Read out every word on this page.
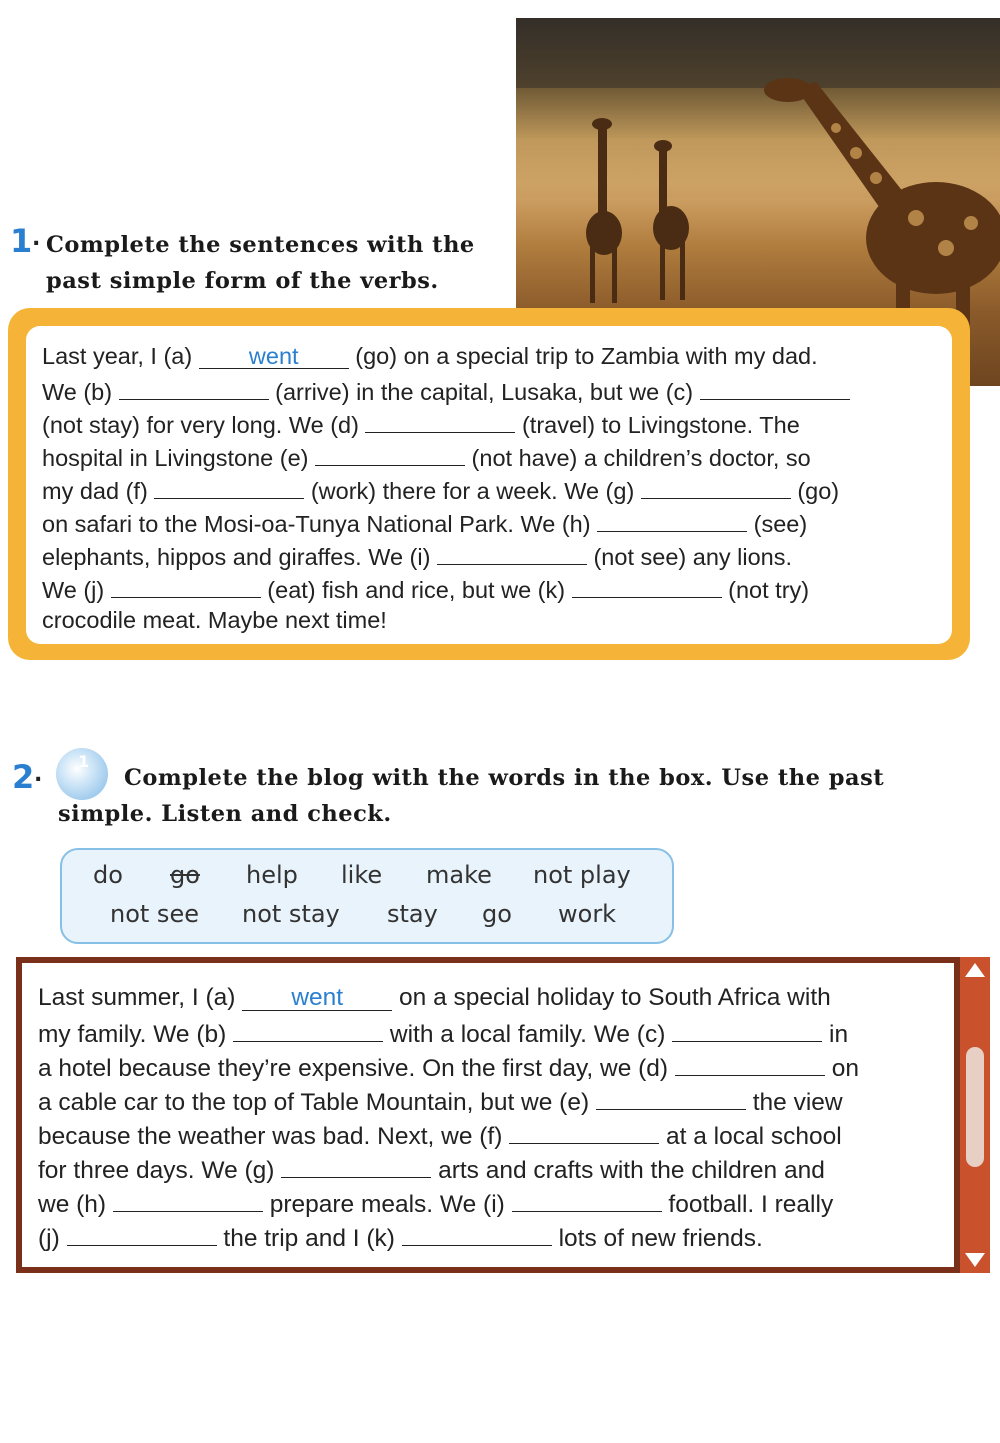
1 . Complete the sentences with the
past simple form of the verbs.
Last year, I (a) went (go) on a special trip to Zambia with my dad.
We (b)	(arrive) in the capital, Lusaka, but we (c)
(not stay) for very long. We (d)	(travel) to Livingstone. The
hospital in Livingstone (e)	(not have) a children’s doctor, so
my dad (f)	(work) there for a week. We (g)	(go)
on safari to the Mosi-oa-Tunya National Park. We (h)	(see)
elephants, hippos and giraffes. We (i)	(not see) any lions.
We (j)	(eat) fish and rice, but we (k)	(not try)
crocodile meat. Maybe next time!
2 .
1
Complete the blog with the words in the box. Use the past
simple. Listen and check.
do go help like make not play
not see not stay stay go work
Last summer, I (a) went on a special holiday to South Africa with
my family. We (b)	with a local family. We (c)	in
a hotel because they’re expensive. On the first day, we (d)	on
a cable car to the top of Table Mountain, but we (e)	the view
because the weather was bad. Next, we (f)	at a local school
for three days. We (g)	arts and crafts with the children and
we (h)	prepare meals. We (i)	football. I really
(j)	the trip and I (k)	lots of new friends.
